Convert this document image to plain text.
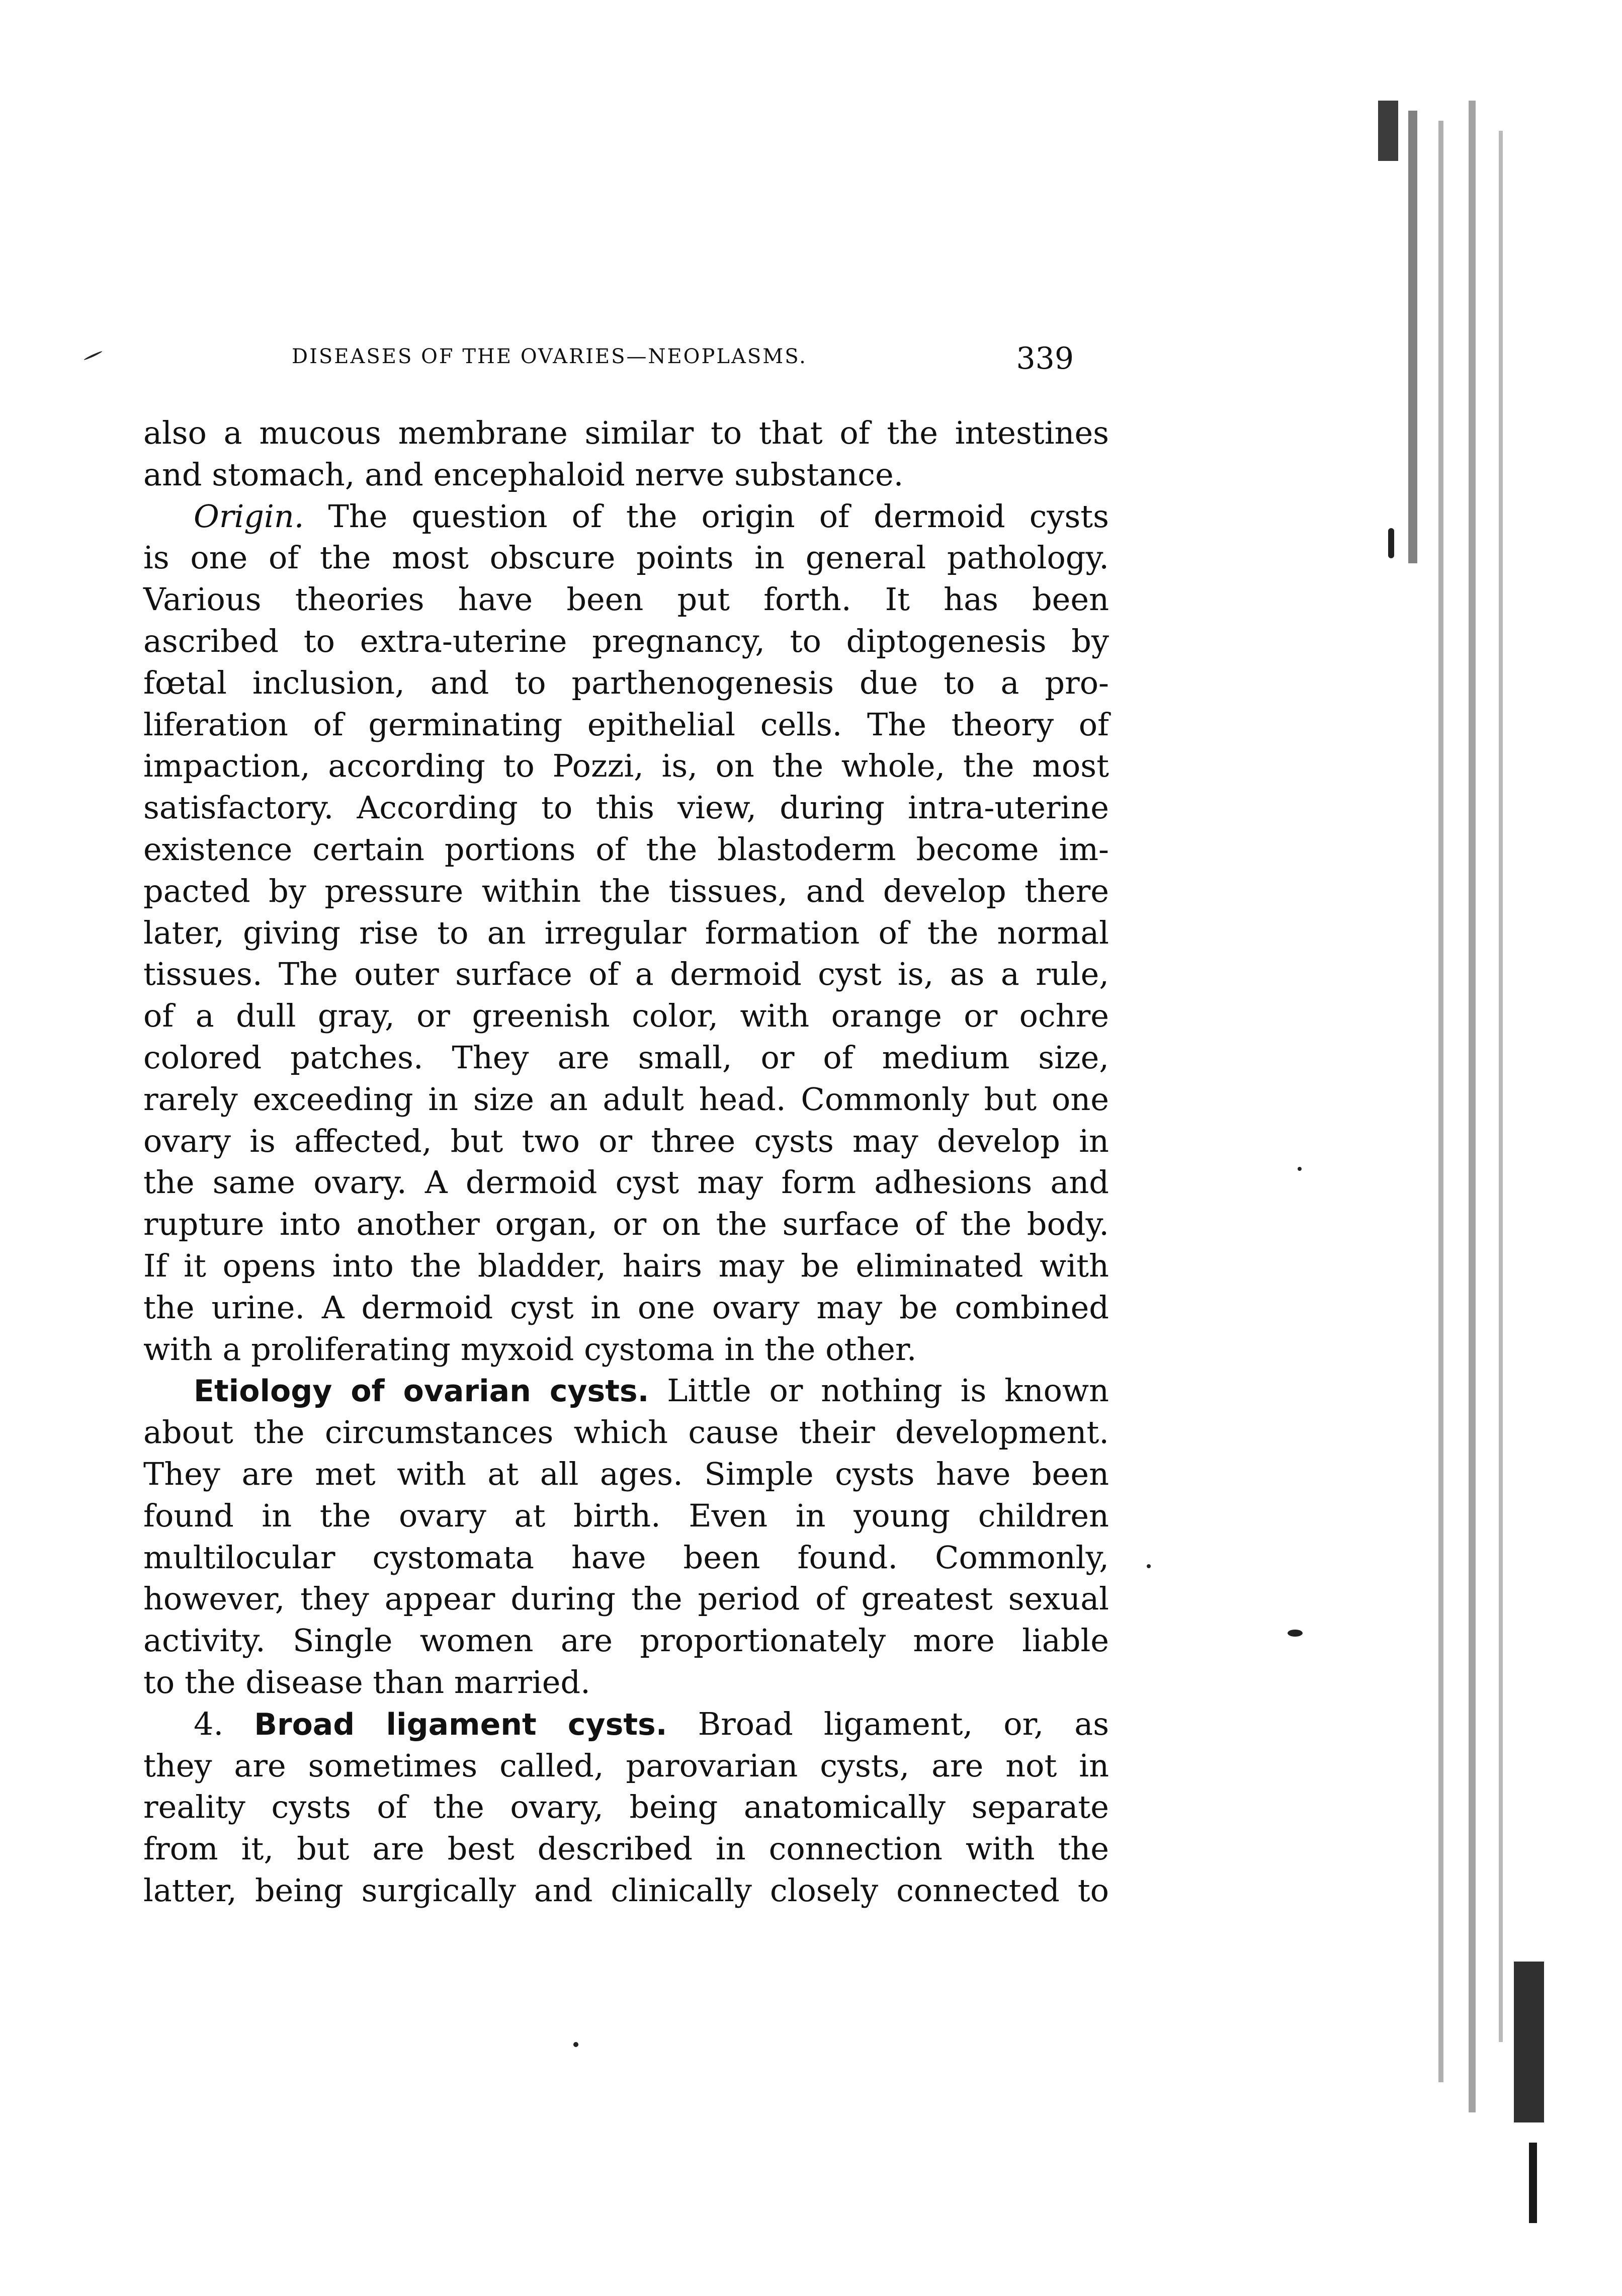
DISEASES OF THE OVARIES—NEOPLASMS.	339
also a mucous membrane similar to that of the intestines
and stomach, and encephaloid nerve substance.
Origin. The question of the origin of dermoid cysts
is one of the most obscure points in general pathology.
Various theories have been put forth. It has been
ascribed to extra-uterine pregnancy, to diptogenesis by
fœtal inclusion, and to parthenogenesis due to a pro-
liferation of germinating epithelial cells. The theory of
impaction, according to Pozzi, is, on the whole, the most
satisfactory. According to this view, during intra-uterine
existence certain portions of the blastoderm become im-
pacted by pressure within the tissues, and develop there
later, giving rise to an irregular formation of the normal
tissues. The outer surface of a dermoid cyst is, as a rule,
of a dull gray, or greenish color, with orange or ochre
colored patches. They are small, or of medium size,
rarely exceeding in size an adult head. Commonly but one
ovary is affected, but two or three cysts may develop in
the same ovary. A dermoid cyst may form adhesions and
rupture into another organ, or on the surface of the body.
If it opens into the bladder, hairs may be eliminated with
the urine. A dermoid cyst in one ovary may be combined
with a proliferating myxoid cystoma in the other.
Etiology of ovarian cysts. Little or nothing is known
about the circumstances which cause their development.
They are met with at all ages. Simple cysts have been
found in the ovary at birth. Even in young children
multilocular cystomata have been found. Commonly,
however, they appear during the period of greatest sexual
activity. Single women are proportionately more liable
to the disease than married.
4. Broad ligament cysts. Broad ligament, or, as
they are sometimes called, parovarian cysts, are not in
reality cysts of the ovary, being anatomically separate
from it, but are best described in connection with the
latter, being surgically and clinically closely connected to
